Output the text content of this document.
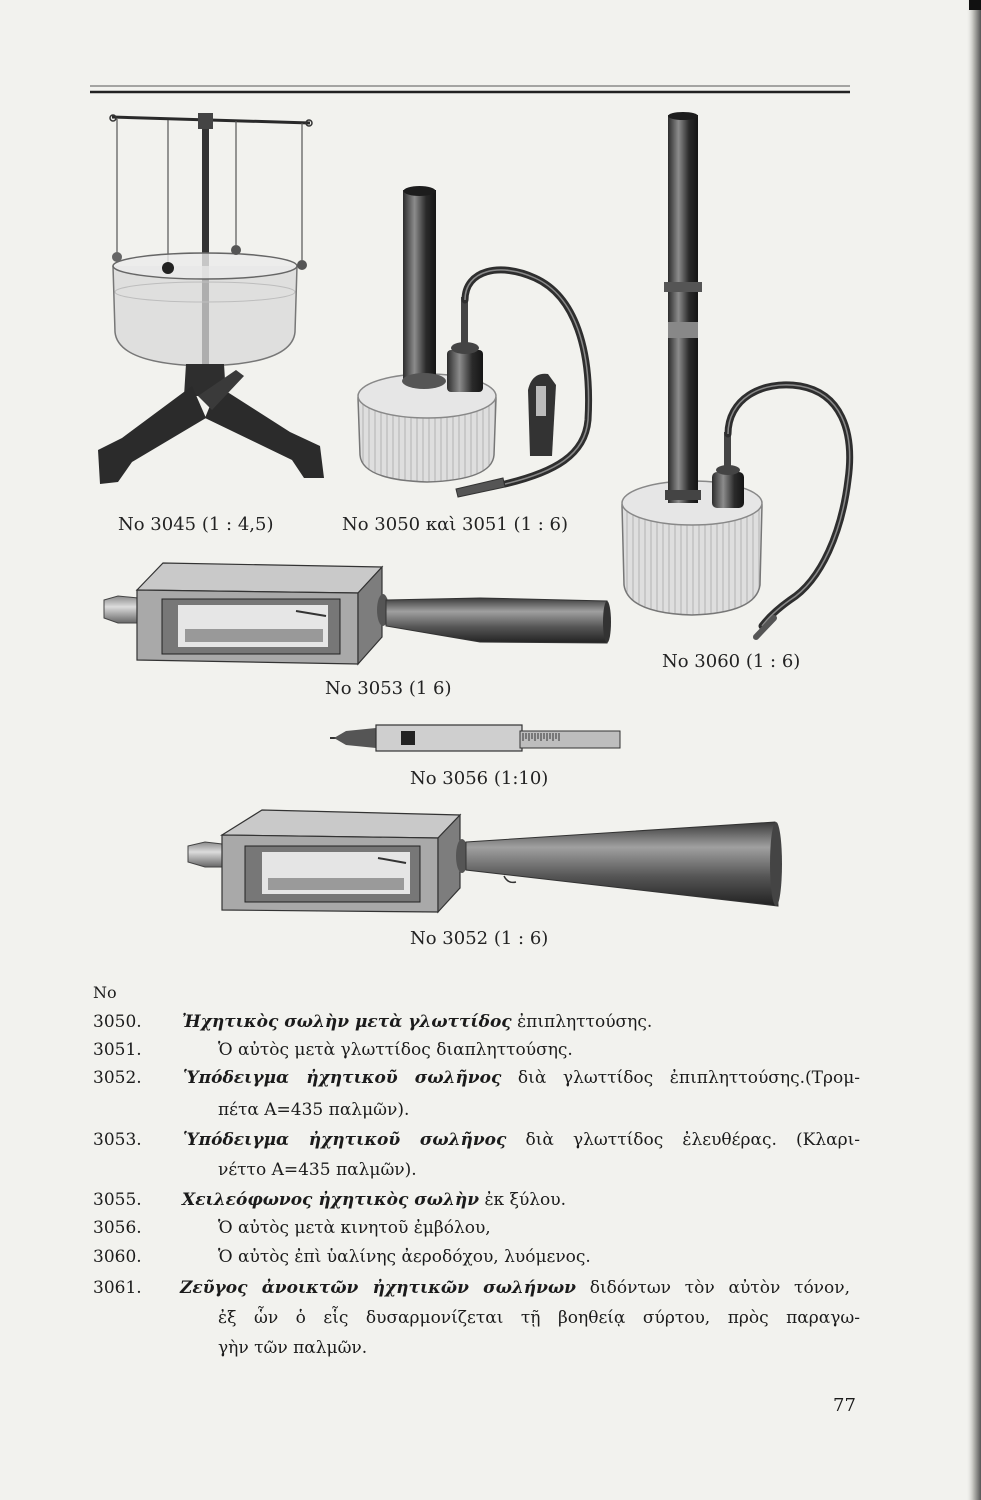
No 3045 (1 : 4,5)	No 3050 καὶ 3051 (1 : 6)
No 3060 (1 : 6)
No 3053 (1 6)
No 3056 (1:10)
No 3052 (1 : 6)
No
3050. Ἠχητικὸς σωλὴν μετὰ γλωττίδος ἐπιπληττούσης.
3051.	Ὁ αὐτὸς μετὰ γλωττίδος διαπληττούσης.
3052. Ὑπόδειγμα ἠχητικοῦ σωλῆνος διὰ γλωττίδος ἐπιπληττούσης.(Τρομ-
πέτα A=435 παλμῶν).
3053. Ὑπόδειγμα ἠχητικοῦ σωλῆνος διὰ γλωττίδος ἐλευθέρας. (Κλαρι-
νέττο A=435 παλμῶν).
3055. Χειλεόφωνος ἠχητικὸς σωλὴν ἐκ ξύλου.
3056.	Ὁ αὐτὸς μετὰ κινητοῦ ἐμβόλου,
3060.	Ὁ αὐτὸς ἐπὶ ὑαλίνης ἀεροδόχου, λυόμενος.
3061. Ζεῦγος ἀνοικτῶν ἠχητικῶν σωλήνων διδόντων τὸν αὐτὸν τόνον,
ἐξ ὧν ὁ εἷς δυσαρμονίζεται τῇ βοηθείᾳ σύρτου, πρὸς παραγω-
γὴν τῶν παλμῶν.
77
